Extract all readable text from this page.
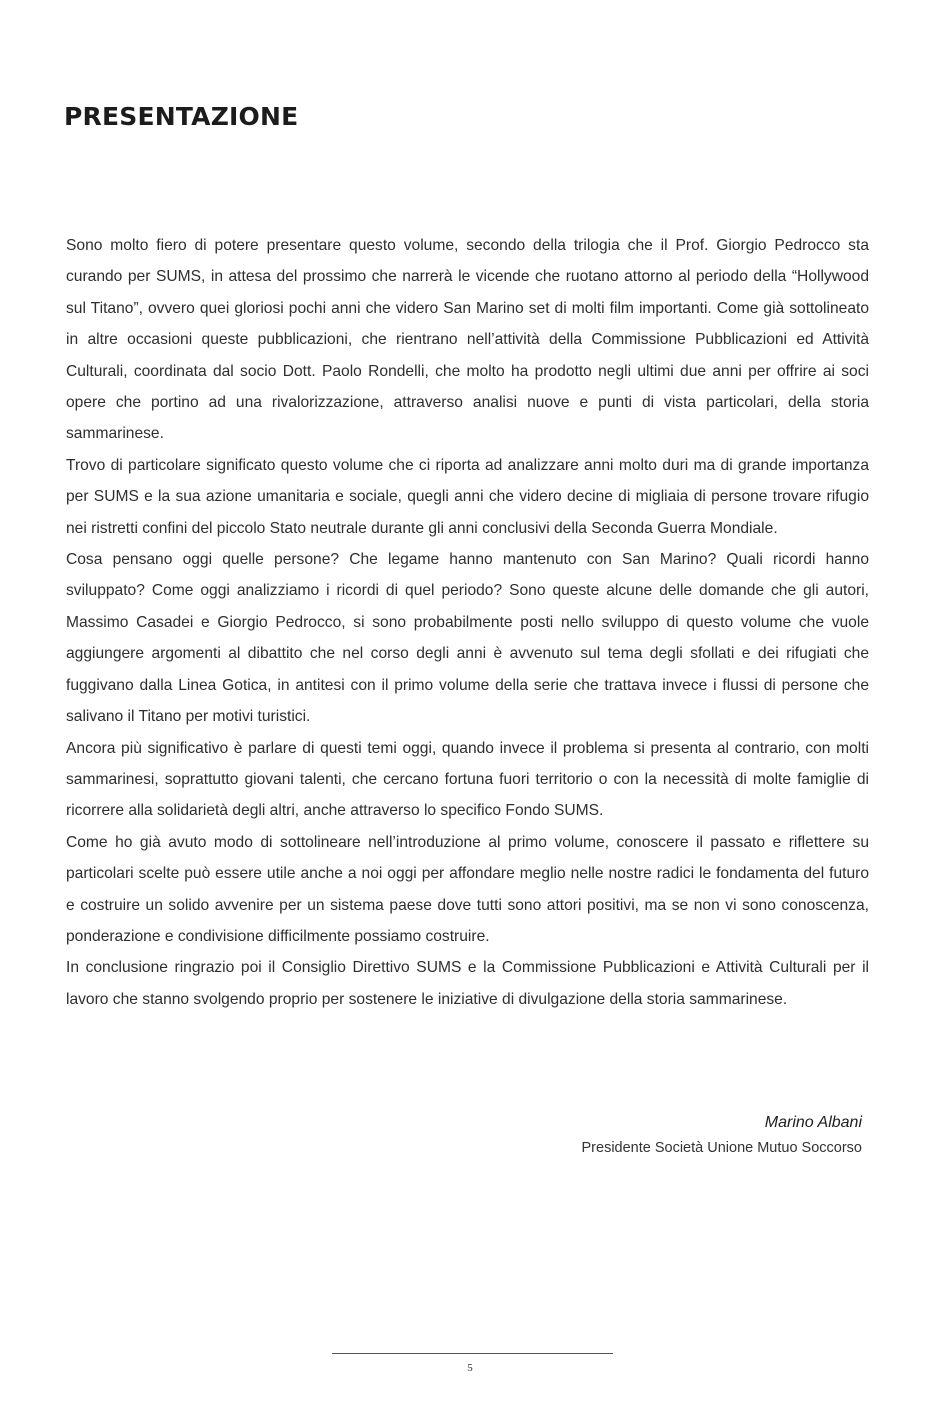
PRESENTAZIONE

Sono molto fiero di potere presentare questo volume, secondo della trilogia che il Prof. Giorgio Pedrocco sta curando per SUMS, in attesa del prossimo che narrerà le vicende che ruotano attorno al periodo della “Hollywood sul Titano”, ovvero quei gloriosi pochi anni che videro San Marino set di molti film importanti. Come già sottolineato in altre occasioni queste pubblicazioni, che rientrano nell’attività della Commissione Pubblicazioni ed Attività Culturali, coordinata dal socio Dott. Paolo Rondelli, che molto ha prodotto negli ultimi due anni per offrire ai soci opere che portino ad una rivalorizzazione, attraverso analisi nuove e punti di vista particolari, della storia sammarinese.

Trovo di particolare significato questo volume che ci riporta ad analizzare anni molto duri ma di grande importanza per SUMS e la sua azione umanitaria e sociale, quegli anni che videro decine di migliaia di persone trovare rifugio nei ristretti confini del piccolo Stato neutrale durante gli anni conclusivi della Seconda Guerra Mondiale.

Cosa pensano oggi quelle persone? Che legame hanno mantenuto con San Marino? Quali ricordi hanno sviluppato? Come oggi analizziamo i ricordi di quel periodo? Sono queste alcune delle domande che gli autori, Massimo Casadei e Giorgio Pedrocco, si sono probabilmente posti nello sviluppo di questo volume che vuole aggiungere argomenti al dibattito che nel corso degli anni è avvenuto sul tema degli sfollati e dei rifugiati che fuggivano dalla Linea Gotica, in antitesi con il primo volume della serie che trattava invece i flussi di persone che salivano il Titano per motivi turistici.

Ancora più significativo è parlare di questi temi oggi, quando invece il problema si presenta al contrario, con molti sammarinesi, soprattutto giovani talenti, che cercano fortuna fuori territorio o con la necessità di molte famiglie di ricorrere alla solidarietà degli altri, anche attraverso lo specifico Fondo SUMS.

Come ho già avuto modo di sottolineare nell’introduzione al primo volume, conoscere il passato e riflettere su particolari scelte può essere utile anche a noi oggi per affondare meglio nelle nostre radici le fondamenta del futuro e costruire un solido avvenire per un sistema paese dove tutti sono attori positivi, ma se non vi sono conoscenza, ponderazione e condivisione difficilmente possiamo costruire.

In conclusione ringrazio poi il Consiglio Direttivo SUMS e la Commissione Pubblicazioni e Attività Culturali per il lavoro che stanno svolgendo proprio per sostenere le iniziative di divulgazione della storia sammarinese.

Marino Albani
Presidente Società Unione Mutuo Soccorso
5
